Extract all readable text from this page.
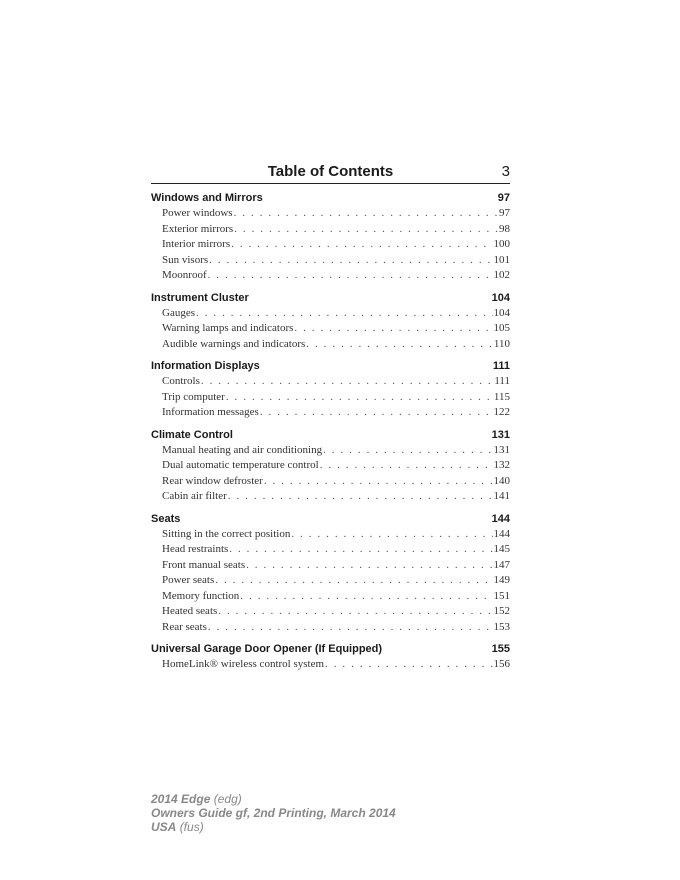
Table of Contents	3
Windows and Mirrors	97
Power windows . . .	97
Exterior mirrors . . .	98
Interior mirrors . . .	100
Sun visors . . .	101
Moonroof . . .	102
Instrument Cluster	104
Gauges . . .	104
Warning lamps and indicators . . .	105
Audible warnings and indicators . . .	110
Information Displays	111
Controls . . .	111
Trip computer . . .	115
Information messages . . .	122
Climate Control	131
Manual heating and air conditioning . . .	131
Dual automatic temperature control . . .	132
Rear window defroster . . .	140
Cabin air filter . . .	141
Seats	144
Sitting in the correct position . . .	144
Head restraints . . .	145
Front manual seats . . .	147
Power seats . . .	149
Memory function . . .	151
Heated seats . . .	152
Rear seats . . .	153
Universal Garage Door Opener (If Equipped)	155
HomeLink® wireless control system . . .	156
2014 Edge (edg)
Owners Guide gf, 2nd Printing, March 2014
USA (fus)
